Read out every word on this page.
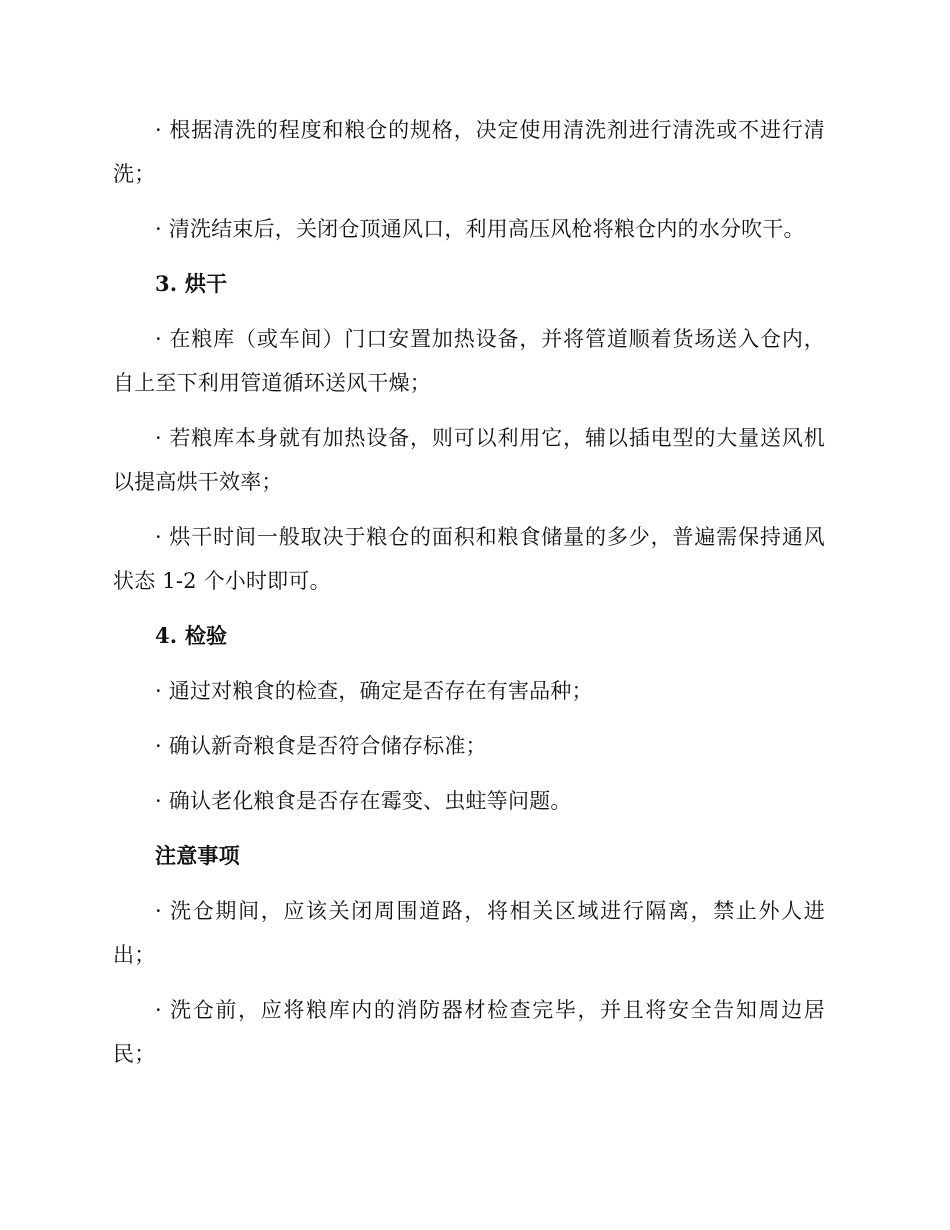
· 根据清洗的程度和粮仓的规格，决定使用清洗剂进行清洗或不进行清洗；

· 清洗结束后，关闭仓顶通风口，利用高压风枪将粮仓内的水分吹干。

3. 烘干

· 在粮库（或车间）门口安置加热设备，并将管道顺着货场送入仓内，自上至下利用管道循环送风干燥；

· 若粮库本身就有加热设备，则可以利用它，辅以插电型的大量送风机以提高烘干效率；

· 烘干时间一般取决于粮仓的面积和粮食储量的多少，普遍需保持通风状态 1-2 个小时即可。

4. 检验

· 通过对粮食的检查，确定是否存在有害品种；

· 确认新奇粮食是否符合储存标准；

· 确认老化粮食是否存在霉变、虫蛀等问题。

注意事项

· 洗仓期间，应该关闭周围道路，将相关区域进行隔离，禁止外人进出；

· 洗仓前，应将粮库内的消防器材检查完毕，并且将安全告知周边居民；
